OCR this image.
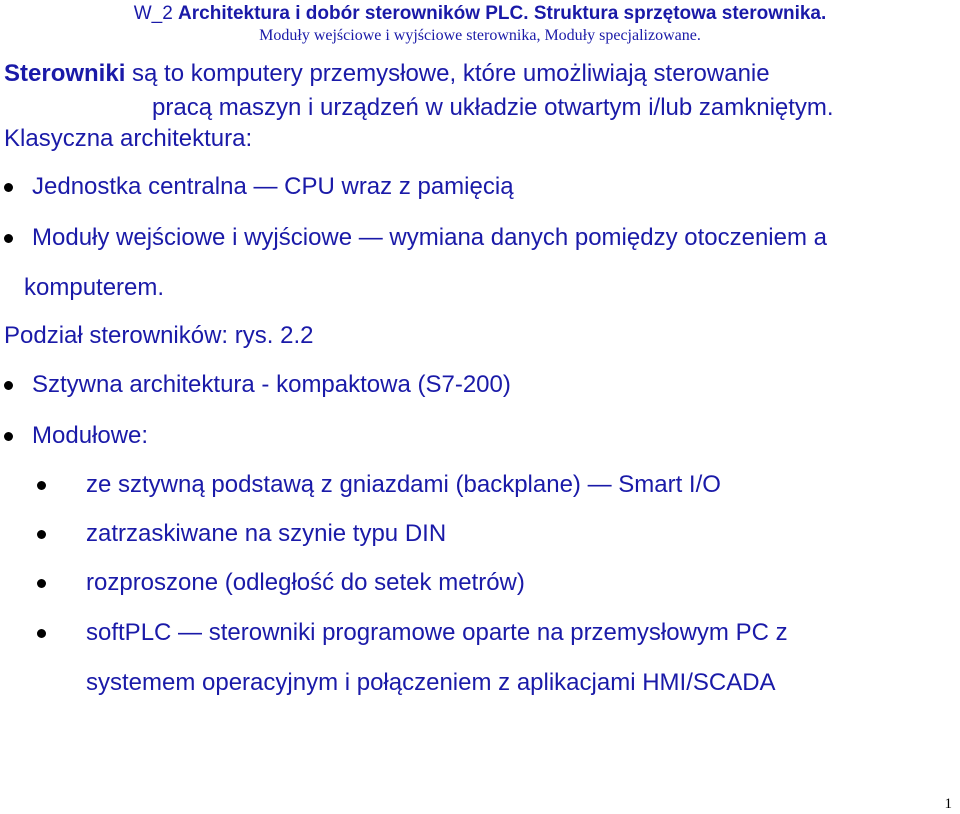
W_2 Architektura i dobór sterowników PLC. Struktura sprzętowa sterownika.
Moduły wejściowe i wyjściowe sterownika, Moduły specjalizowane.
Sterowniki są to komputery przemysłowe, które umożliwiają sterowanie
pracą maszyn i urządzeń w układzie otwartym i/lub zamkniętym.
Klasyczna architektura:
Jednostka centralna — CPU wraz z pamięcią
Moduły wejściowe i wyjściowe — wymiana danych pomiędzy otoczeniem a
komputerem.
Podział sterowników: rys. 2.2
Sztywna architektura - kompaktowa (S7-200)
Modułowe:
ze sztywną podstawą z gniazdami (backplane) — Smart I/O
zatrzaskiwane na szynie typu DIN
rozproszone (odległość do setek metrów)
softPLC — sterowniki programowe oparte na przemysłowym PC z
systemem operacyjnym i połączeniem z aplikacjami HMI/SCADA
1
